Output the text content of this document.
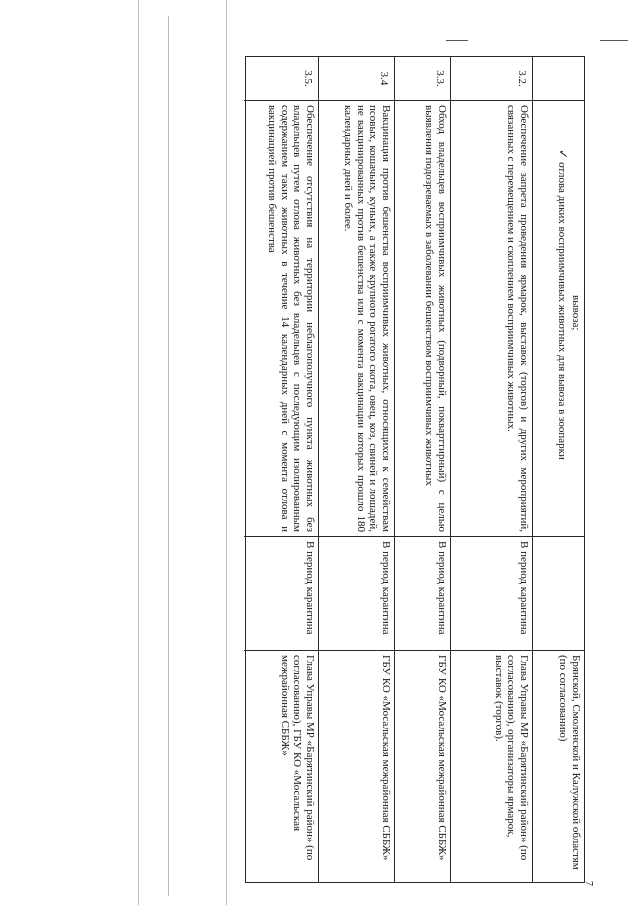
7
вывоза;
✓отлова диких восприимчивых животных для вывоза в зоопарки
Брянской, Смоленской и Калужской областям (по согласованию)
3.2.
Обеспечение запрета проведения ярмарок, выставок (торгов) и других мероприятий, связанных с перемещением и скоплением восприимчивых животных.
В период карантина
Глава Управы МР «Барятинский район» (по согласованию), организаторы ярмарок, выставок (торгов).
3.3.
Обход владельцев восприимчивых животных (подворный, покварттирный) с целью выявления подозреваемых в заболевании бешенством восприимчивых животных
В период карантина
ГБУ КО «Мосальская межрайонная СББЖ»
3.4
Вакцинация против бешенства восприимчивых животных, относящихся к семействам псовых, кошачьих, куньих, а также крупного рогатого скота, овец, коз, свиней и лошадей, не вакцинированных против бешенства или с момента вакцинации которых прошло 180 календарных дней и более.
В период карантина
ГБУ КО «Мосальская межрайонная СББЖ»
3.5.
Обеспечение отсутствия на территории неблагополучного пункта животных без владельцев путем отлова животных без владельцев с последующим изолированным содержанием таких животных в течение 14 календарных дней с момента отлова и вакцинацией против бешенства
В период карантина
Глава Управы МР «Барятинский район» (по согласованию), ГБУ КО «Мосальская межрайонная СББЖ»
